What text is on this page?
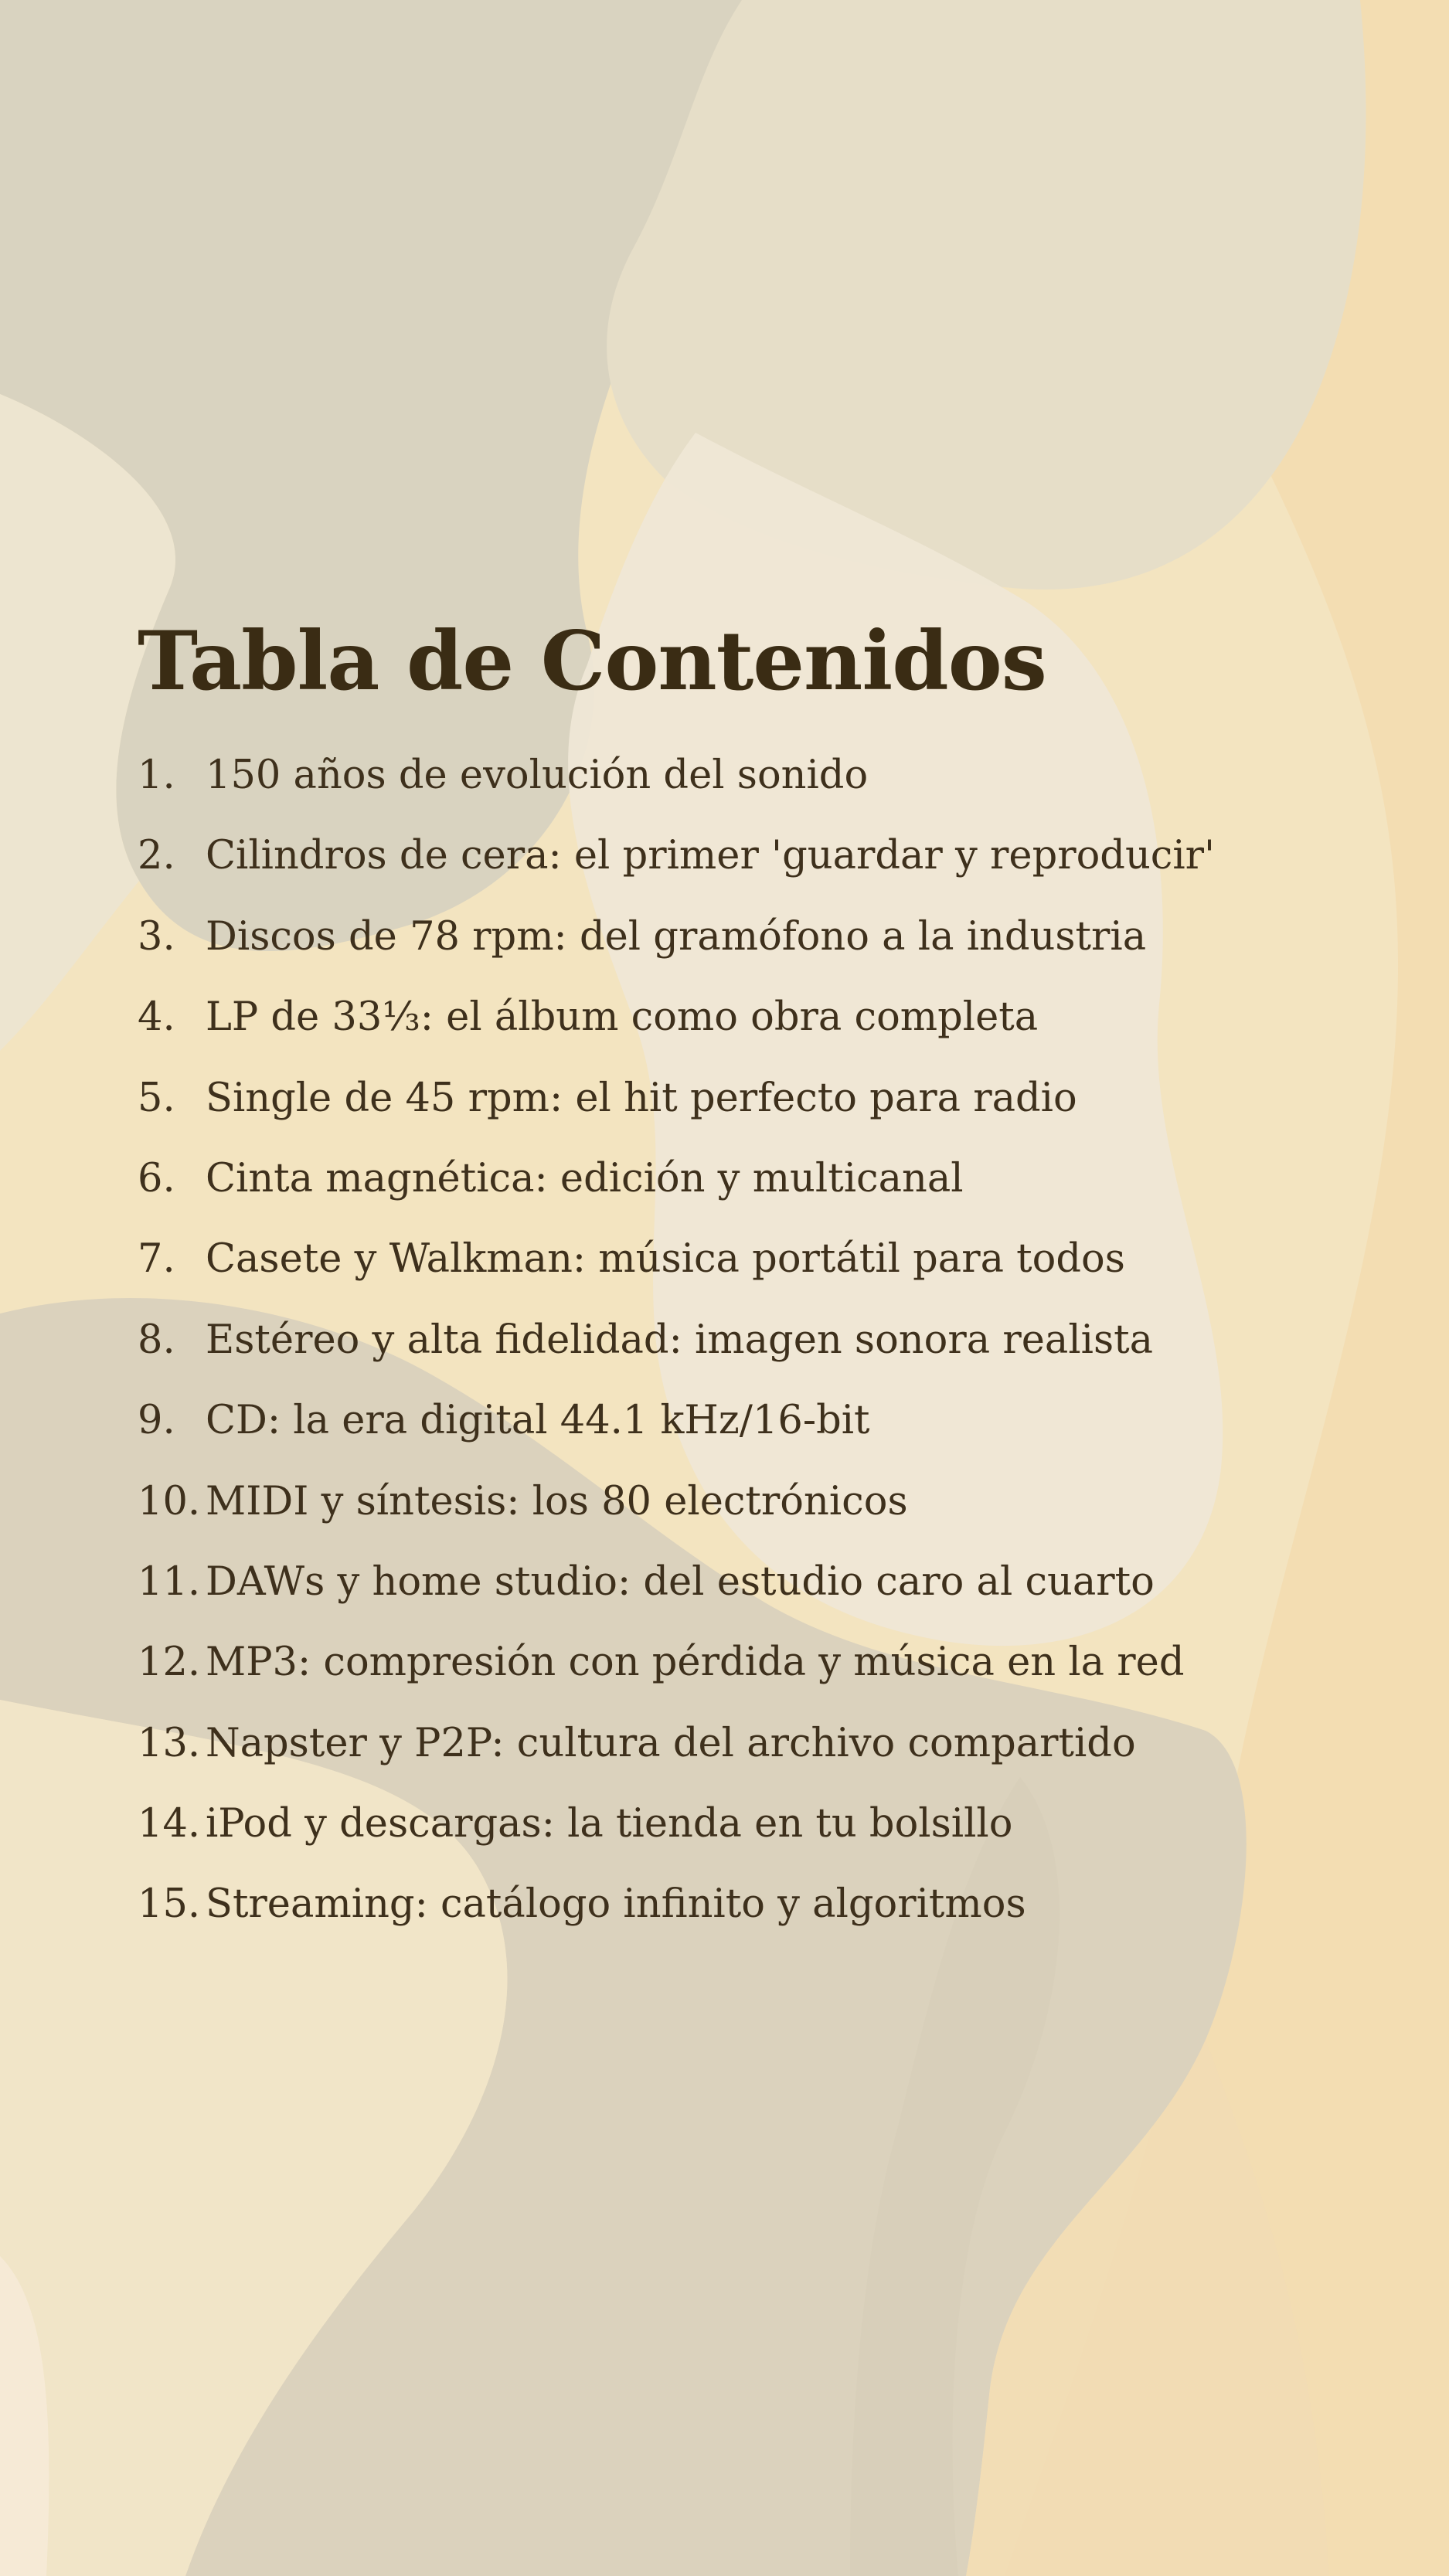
Tabla de Contenidos
1. 150 años de evolución del sonido
2. Cilindros de cera: el primer 'guardar y reproducir'
3. Discos de 78 rpm: del gramófono a la industria
4. LP de 33⅓: el álbum como obra completa
5. Single de 45 rpm: el hit perfecto para radio
6. Cinta magnética: edición y multicanal
7. Casete y Walkman: música portátil para todos
8. Estéreo y alta fidelidad: imagen sonora realista
9. CD: la era digital 44.1 kHz/16-bit
10. MIDI y síntesis: los 80 electrónicos
11. DAWs y home studio: del estudio caro al cuarto
12. MP3: compresión con pérdida y música en la red
13. Napster y P2P: cultura del archivo compartido
14. iPod y descargas: la tienda en tu bolsillo
15. Streaming: catálogo infinito y algoritmos
